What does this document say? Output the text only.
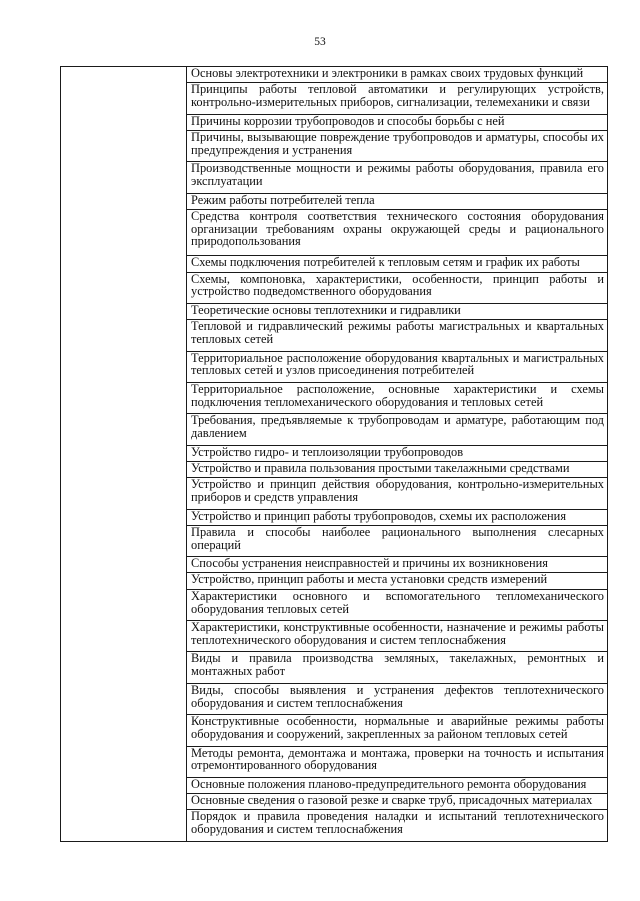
53
	Основы электротехники и электроники в рамках своих трудовых функций
Принципы работы тепловой автоматики и регулирующих устройств, контрольно-измерительных приборов, сигнализации, телемеханики и связи
Причины коррозии трубопроводов и способы борьбы с ней
Причины, вызывающие повреждение трубопроводов и арматуры, способы их предупреждения и устранения
Производственные мощности и режимы работы оборудования, правила его эксплуатации
Режим работы потребителей тепла
Средства контроля соответствия технического состояния оборудования организации требованиям охраны окружающей среды и рационального природопользования
Схемы подключения потребителей к тепловым сетям и график их работы
Схемы, компоновка, характеристики, особенности, принцип работы и устройство подведомственного оборудования
Теоретические основы теплотехники и гидравлики
Тепловой и гидравлический режимы работы магистральных и квартальных тепловых сетей
Территориальное расположение оборудования квартальных и магистральных тепловых сетей и узлов присоединения потребителей
Территориальное расположение, основные характеристики и схемы подключения тепломеханического оборудования и тепловых сетей
Требования, предъявляемые к трубопроводам и арматуре, работающим под давлением
Устройство гидро- и теплоизоляции трубопроводов
Устройство и правила пользования простыми такелажными средствами
Устройство и принцип действия оборудования, контрольно-измерительных приборов и средств управления
Устройство и принцип работы трубопроводов, схемы их расположения
Правила и способы наиболее рационального выполнения слесарных операций
Способы устранения неисправностей и причины их возникновения
Устройство, принцип работы и места установки средств измерений
Характеристики основного и вспомогательного тепломеханического оборудования тепловых сетей
Характеристики, конструктивные особенности, назначение и режимы работы теплотехнического оборудования и систем теплоснабжения
Виды и правила производства земляных, такелажных, ремонтных и монтажных работ
Виды, способы выявления и устранения дефектов теплотехнического оборудования и систем теплоснабжения
Конструктивные особенности, нормальные и аварийные режимы работы оборудования и сооружений, закрепленных за районом тепловых сетей
Методы ремонта, демонтажа и монтажа, проверки на точность и испытания отремонтированного оборудования
Основные положения планово-предупредительного ремонта оборудования
Основные сведения о газовой резке и сварке труб, присадочных материалах
Порядок и правила проведения наладки и испытаний теплотехнического оборудования и систем теплоснабжения
